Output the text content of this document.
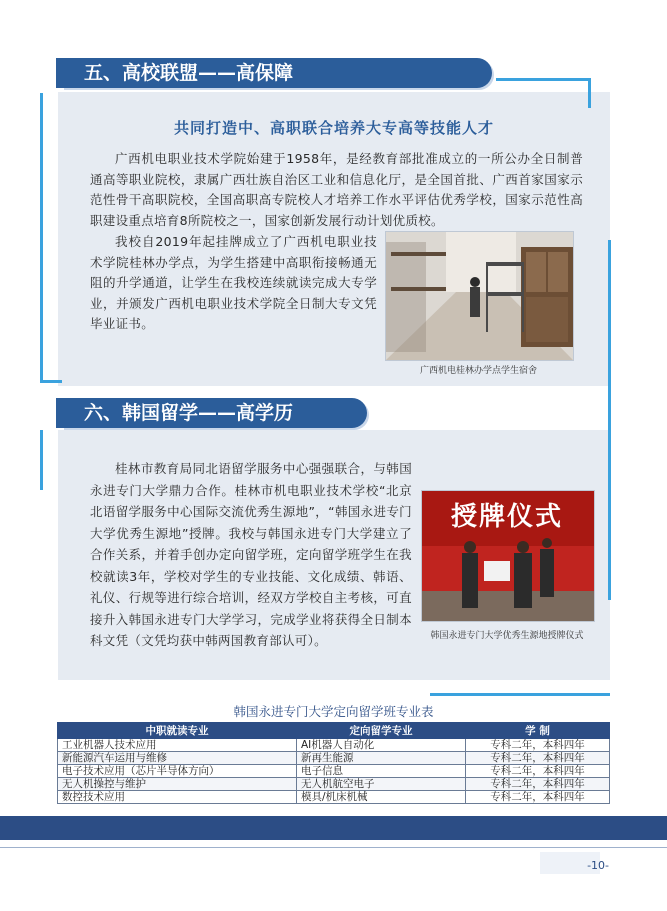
五、高校联盟——高保障
共同打造中、高职联合培养大专高等技能人才
广西机电职业技术学院始建于1958年，是经教育部批准成立的一所公办全日制普通高等职业院校，隶属广西壮族自治区工业和信息化厅，是全国首批、广西首家国家示范性骨干高职院校，全国高职高专院校人才培养工作水平评估优秀学校，国家示范性高职建设重点培育8所院校之一，国家创新发展行动计划优质校。
我校自2019年起挂牌成立了广西机电职业技术学院桂林办学点，为学生搭建中高职衔接畅通无阻的升学通道，让学生在我校连续就读完成大专学业，并颁发广西机电职业技术学院全日制大专文凭毕业证书。
广西机电桂林办学点学生宿舍
六、韩国留学——高学历
桂林市教育局同北语留学服务中心强强联合，与韩国永进专门大学鼎力合作。桂林市机电职业技术学校“北京北语留学服务中心国际交流优秀生源地”，“韩国永进专门大学优秀生源地”授牌。我校与韩国永进专门大学建立了合作关系，并着手创办定向留学班，定向留学班学生在我校就读3年，学校对学生的专业技能、文化成绩、韩语、礼仪、行规等进行综合培训，经双方学校自主考核，可直接升入韩国永进专门大学学习，完成学业将获得全日制本科文凭（文凭均获中韩两国教育部认可）。
授牌仪式
韩国永进专门大学优秀生源地授牌仪式
韩国永进专门大学定向留学班专业表
中职就读专业	定向留学专业	学 制
工业机器人技术应用	AI机器人自动化	专科二年，本科四年
新能源汽车运用与维修	新再生能源	专科二年，本科四年
电子技术应用（芯片半导体方向）	电子信息	专科二年，本科四年
无人机操控与维护	无人机航空电子	专科二年，本科四年
数控技术应用	模具/机床机械	专科二年，本科四年
-10-
